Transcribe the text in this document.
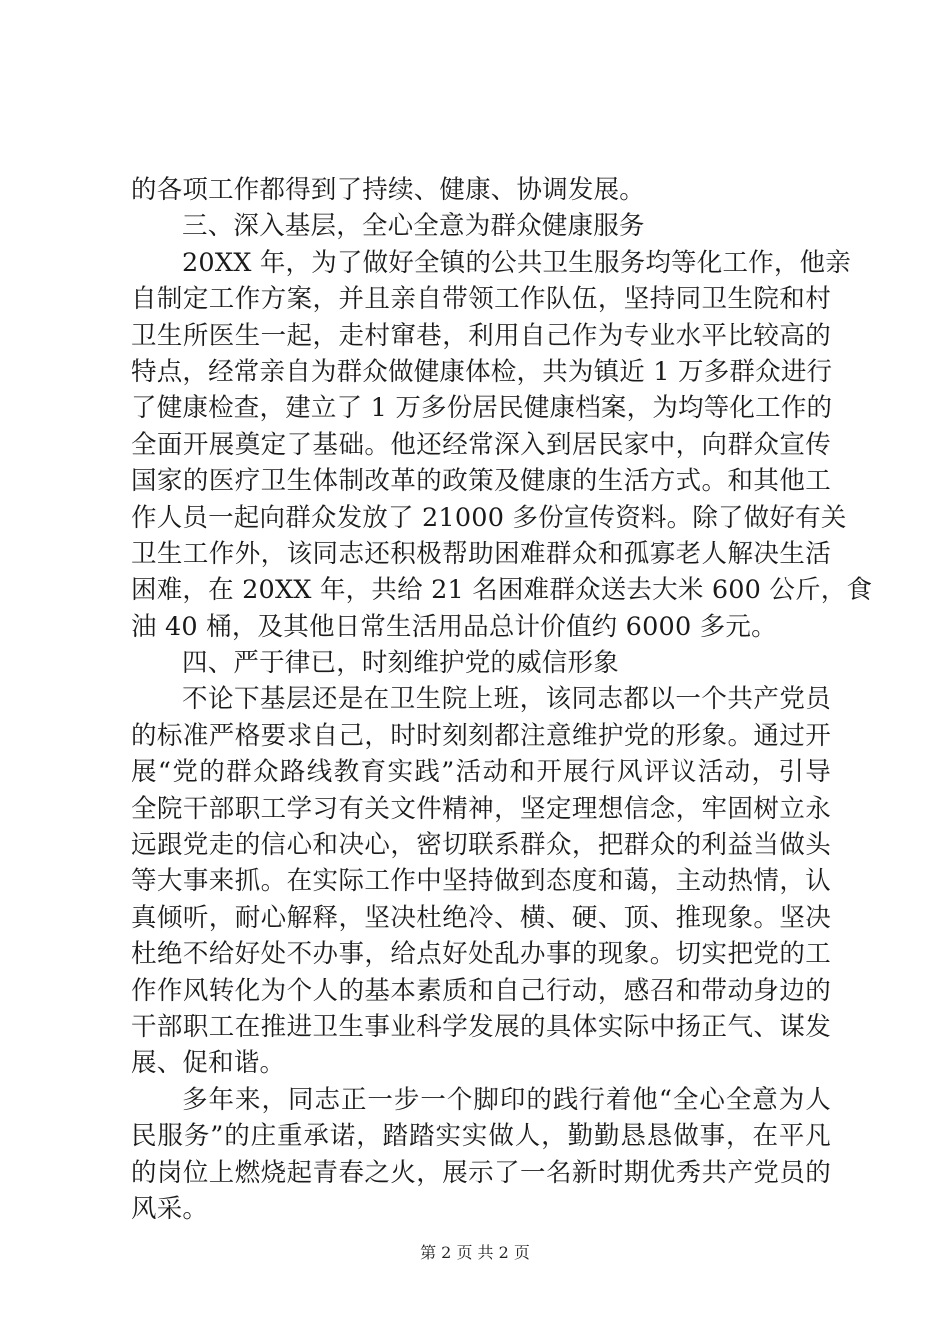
的各项工作都得到了持续、健康、协调发展。
三、深入基层，全心全意为群众健康服务
20XX 年，为了做好全镇的公共卫生服务均等化工作，他亲
自制定工作方案，并且亲自带领工作队伍，坚持同卫生院和村
卫生所医生一起，走村窜巷，利用自己作为专业水平比较高的
特点，经常亲自为群众做健康体检，共为镇近 1 万多群众进行
了健康检查，建立了 1 万多份居民健康档案，为均等化工作的
全面开展奠定了基础。他还经常深入到居民家中，向群众宣传
国家的医疗卫生体制改革的政策及健康的生活方式。和其他工
作人员一起向群众发放了 21000 多份宣传资料。除了做好有关
卫生工作外，该同志还积极帮助困难群众和孤寡老人解决生活
困难，在 20XX 年，共给 21 名困难群众送去大米 600 公斤，食
油 40 桶，及其他日常生活用品总计价值约 6000 多元。
四、严于律已，时刻维护党的威信形象
不论下基层还是在卫生院上班，该同志都以一个共产党员
的标准严格要求自己，时时刻刻都注意维护党的形象。通过开
展“党的群众路线教育实践”活动和开展行风评议活动，引导
全院干部职工学习有关文件精神，坚定理想信念，牢固树立永
远跟党走的信心和决心，密切联系群众，把群众的利益当做头
等大事来抓。在实际工作中坚持做到态度和蔼，主动热情，认
真倾听，耐心解释，坚决杜绝冷、横、硬、顶、推现象。坚决
杜绝不给好处不办事，给点好处乱办事的现象。切实把党的工
作作风转化为个人的基本素质和自己行动，感召和带动身边的
干部职工在推进卫生事业科学发展的具体实际中扬正气、谋发
展、促和谐。
多年来，同志正一步一个脚印的践行着他“全心全意为人
民服务”的庄重承诺，踏踏实实做人，勤勤恳恳做事，在平凡
的岗位上燃烧起青春之火，展示了一名新时期优秀共产党员的
风采。
第 2 页 共 2 页
